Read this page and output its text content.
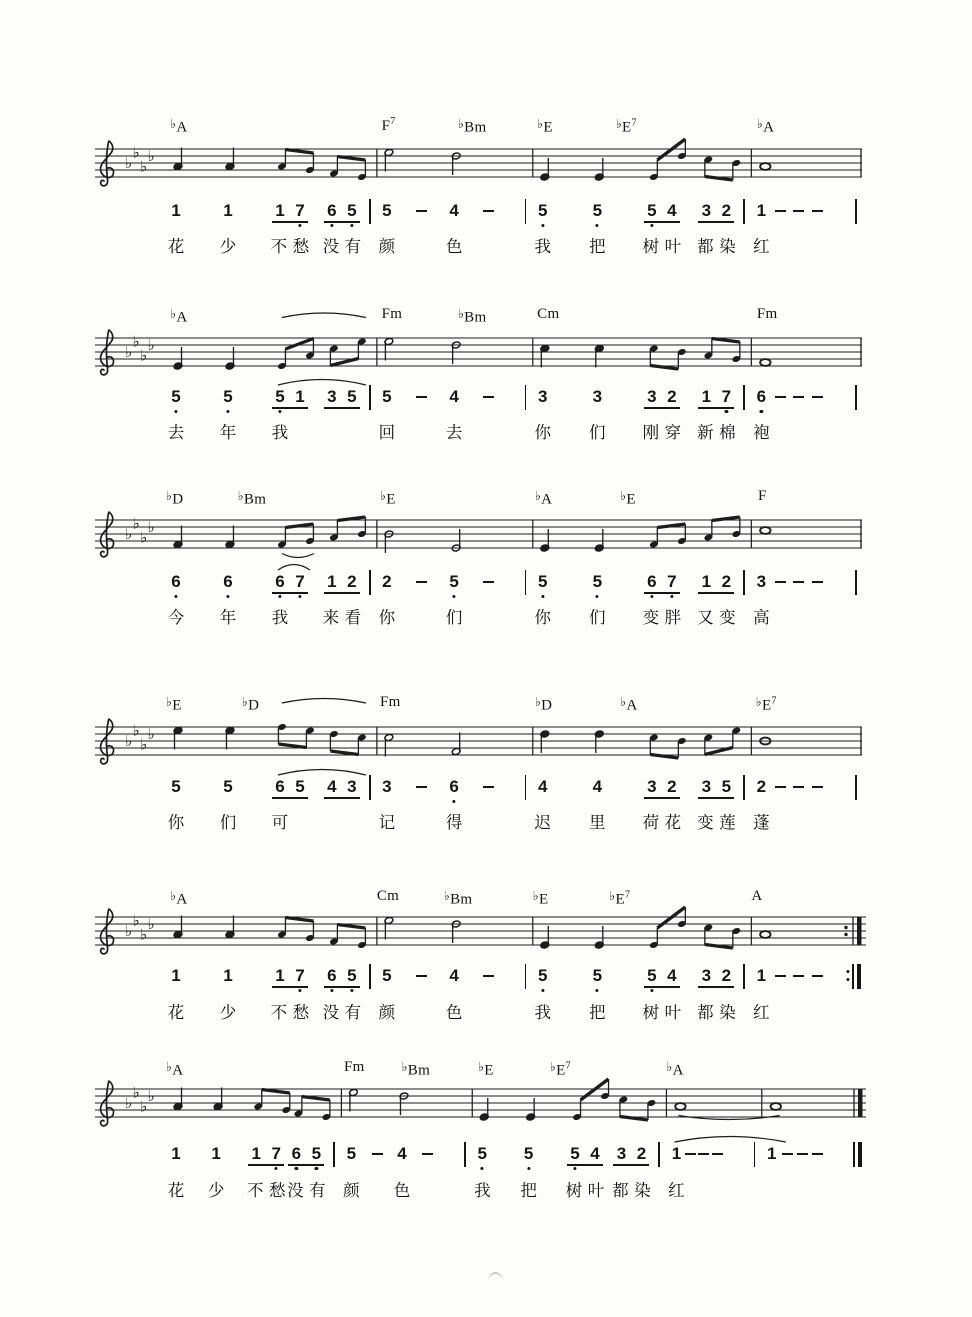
♭
♭
♭
♭
♭
♭
♭
♭
♭
♭
♭
♭
♭
♭
♭
♭
♭
♭
♭
♭
♭
♭
♭
♭
1
花
1
少
1 7
不 愁
6 5
没 有
5
颜
4
色
5
我
5
把
5 4
树 叶
3 2
都 染
1
红
♭A	$F^7$	♭Bm	♭E	$^♭E^7$	♭A
5
去
5
年
5 1
我
3 5 5
回
4
去
3
你
3
们
3 2
刚 穿
1 7
新 棉
6
袍
♭A	Fm	♭Bm	Cm	Fm
6
今
6
年
6 7
我
1 2
来 看
2
你
5
们
5
你
5
们
6 7
变 胖
1 2
又 变
3
高
♭D	♭Bm	♭E	♭A	♭E	F
5
你
5
们
6 5
可
4 3 3
记
6
得
4
迟
4
里
3 2
荷 花
3 5
变 莲
2
蓬
♭E	♭D	Fm	♭D	♭A	$^♭E^7$
1
花
1
少
1 7
不 愁
6 5
没 有
5
颜
4
色
5
我
5
把
5 4
树 叶
3 2
都 染
1
红
♭A	Cm	♭Bm	♭E	$^♭E^7$	A
1
花
1
少
1 7
不 愁
6 5
没 有
5
颜
4
色
5
我
5
把
5 4
树 叶
3 2
都 染
1
红
1
♭A	Fm	♭Bm	♭E	$^♭E^7$	♭A
